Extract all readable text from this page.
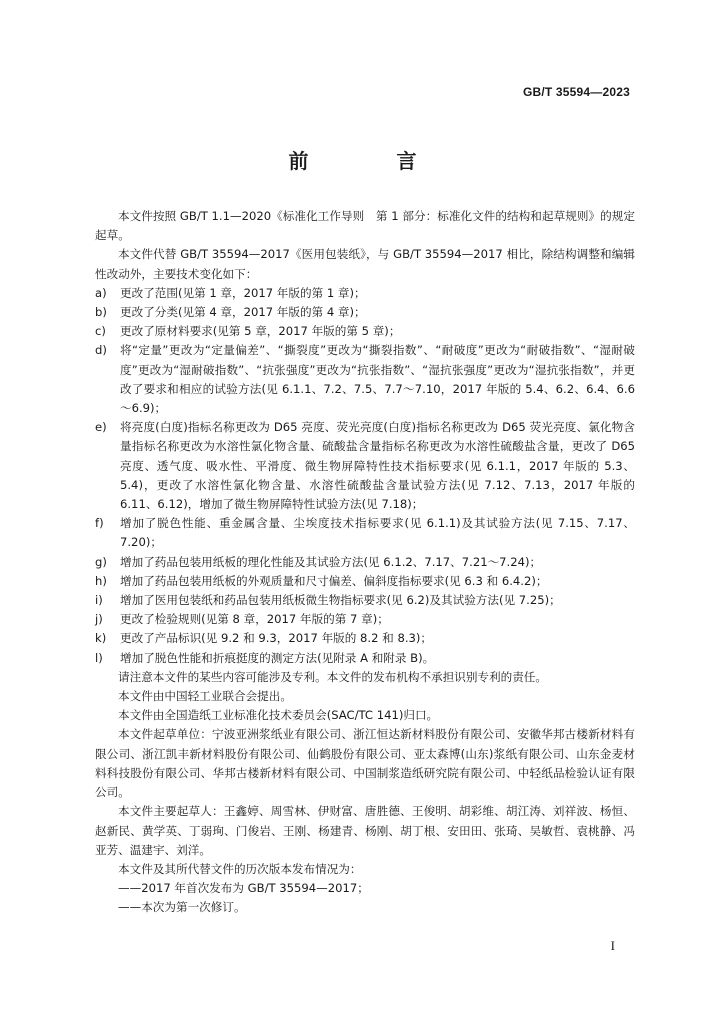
GB/T 35594—2023
前　言

本文件按照 GB/T 1.1—2020《标准化工作导则　第 1 部分：标准化文件的结构和起草规则》的规定起草。

本文件代替 GB/T 35594—2017《医用包装纸》，与 GB/T 35594—2017 相比，除结构调整和编辑性改动外，主要技术变化如下：

a)	更改了范围(见第 1 章，2017 年版的第 1 章)；

b)	更改了分类(见第 4 章，2017 年版的第 4 章)；

c)	更改了原材料要求(见第 5 章，2017 年版的第 5 章)；

d)	将“定量”更改为“定量偏差”、“撕裂度”更改为“撕裂指数”、“耐破度”更改为“耐破指数”、“湿耐破度”更改为“湿耐破指数”、“抗张强度”更改为“抗张指数”、“湿抗张强度”更改为“湿抗张指数”，并更改了要求和相应的试验方法(见 6.1.1、7.2、7.5、7.7～7.10，2017 年版的 5.4、6.2、6.4、6.6～6.9)；

e)	将亮度(白度)指标名称更改为 D65 亮度、荧光亮度(白度)指标名称更改为 D65 荧光亮度、氯化物含量指标名称更改为水溶性氯化物含量、硫酸盐含量指标名称更改为水溶性硫酸盐含量，更改了 D65 亮度、透气度、吸水性、平滑度、微生物屏障特性技术指标要求(见 6.1.1，2017 年版的 5.3、5.4)，更改了水溶性氯化物含量、水溶性硫酸盐含量试验方法(见 7.12、7.13，2017 年版的 6.11、6.12)，增加了微生物屏障特性试验方法(见 7.18)；

f)	增加了脱色性能、重金属含量、尘埃度技术指标要求(见 6.1.1)及其试验方法(见 7.15、7.17、7.20)；

g)	增加了药品包装用纸板的理化性能及其试验方法(见 6.1.2、7.17、7.21～7.24)；

h)	增加了药品包装用纸板的外观质量和尺寸偏差、偏斜度指标要求(见 6.3 和 6.4.2)；

i)	增加了医用包装纸和药品包装用纸板微生物指标要求(见 6.2)及其试验方法(见 7.25)；

j)	更改了检验规则(见第 8 章，2017 年版的第 7 章)；

k)	更改了产品标识(见 9.2 和 9.3，2017 年版的 8.2 和 8.3)；

l)	增加了脱色性能和折痕挺度的测定方法(见附录 A 和附录 B)。

请注意本文件的某些内容可能涉及专利。本文件的发布机构不承担识别专利的责任。

本文件由中国轻工业联合会提出。

本文件由全国造纸工业标准化技术委员会(SAC/TC 141)归口。

本文件起草单位：宁波亚洲浆纸业有限公司、浙江恒达新材料股份有限公司、安徽华邦古楼新材料有限公司、浙江凯丰新材料股份有限公司、仙鹤股份有限公司、亚太森博(山东)浆纸有限公司、山东金麦材料科技股份有限公司、华邦古楼新材料有限公司、中国制浆造纸研究院有限公司、中轻纸品检验认证有限公司。

本文件主要起草人：王鑫婷、周雪林、伊财富、唐胜德、王俊明、胡彩维、胡江涛、刘祥波、杨恒、赵新民、黄学英、丁弱珣、门俊岩、王刚、杨建青、杨刚、胡丁根、安田田、张琦、吴敏哲、袁桃静、冯亚芳、温建宇、刘洋。

本文件及其所代替文件的历次版本发布情况为：

——2017 年首次发布为 GB/T 35594—2017；

——本次为第一次修订。

I
